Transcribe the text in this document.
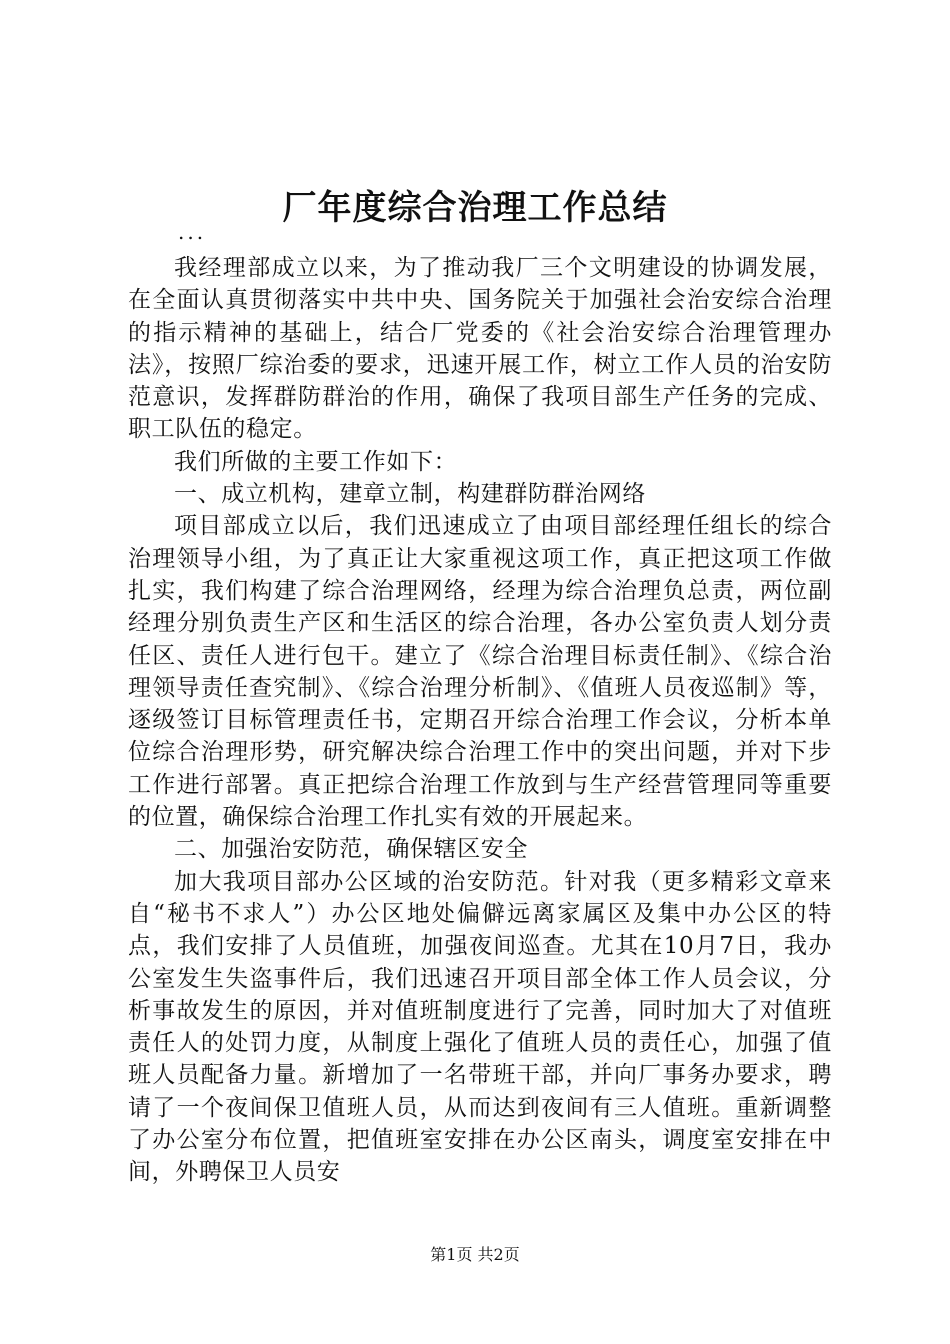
厂年度综合治理工作总结
...

我经理部成立以来，为了推动我厂三个文明建设的协调发展，在全面认真贯彻落实中共中央、国务院关于加强社会治安综合治理的指示精神的基础上，结合厂党委的《社会治安综合治理管理办法》，按照厂综治委的要求，迅速开展工作，树立工作人员的治安防范意识，发挥群防群治的作用，确保了我项目部生产任务的完成、职工队伍的稳定。

我们所做的主要工作如下：

一、成立机构，建章立制，构建群防群治网络

项目部成立以后，我们迅速成立了由项目部经理任组长的综合治理领导小组，为了真正让大家重视这项工作，真正把这项工作做扎实，我们构建了综合治理网络，经理为综合治理负总责，两位副经理分别负责生产区和生活区的综合治理，各办公室负责人划分责任区、责任人进行包干。建立了《综合治理目标责任制》、《综合治理领导责任查究制》、《综合治理分析制》、《值班人员夜巡制》等，逐级签订目标管理责任书，定期召开综合治理工作会议，分析本单位综合治理形势，研究解决综合治理工作中的突出问题，并对下步工作进行部署。真正把综合治理工作放到与生产经营管理同等重要的位置，确保综合治理工作扎实有效的开展起来。

二、加强治安防范，确保辖区安全

加大我项目部办公区域的治安防范。针对我（更多精彩文章来自“秘书不求人”）办公区地处偏僻远离家属区及集中办公区的特点，我们安排了人员值班，加强夜间巡查。尤其在10月7日，我办公室发生失盗事件后，我们迅速召开项目部全体工作人员会议，分析事故发生的原因，并对值班制度进行了完善，同时加大了对值班责任人的处罚力度，从制度上强化了值班人员的责任心，加强了值班人员配备力量。新增加了一名带班干部，并向厂事务办要求，聘请了一个夜间保卫值班人员，从而达到夜间有三人值班。重新调整了办公室分布位置，把值班室安排在办公区南头，调度室安排在中间，外聘保卫人员安

第1页 共2页
